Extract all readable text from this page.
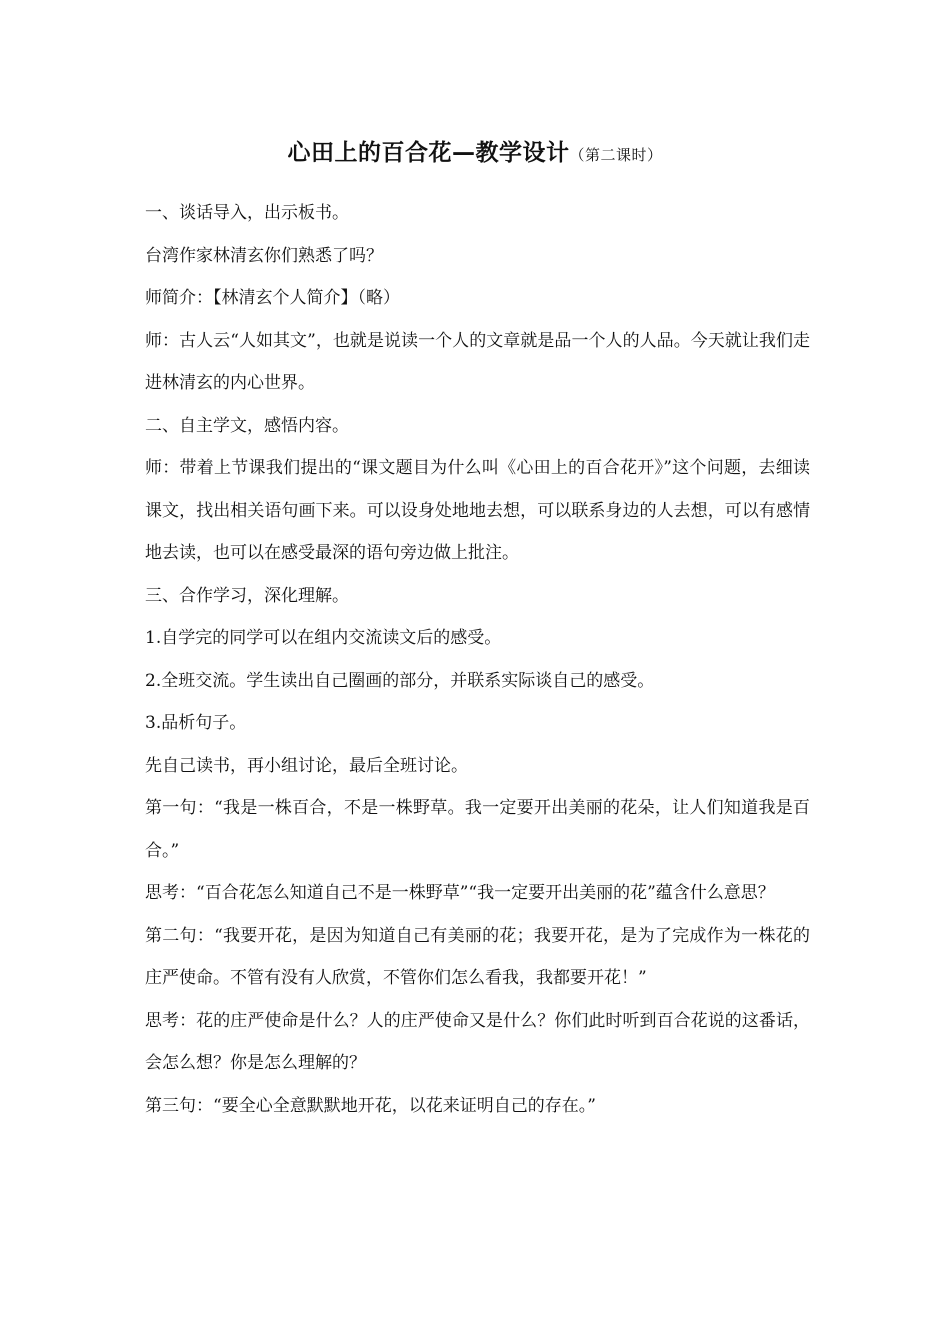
心田上的百合花—教学设计（第二课时）

一、谈话导入，出示板书。

台湾作家林清玄你们熟悉了吗？

师简介：【林清玄个人简介】（略）

师：古人云“人如其文”，也就是说读一个人的文章就是品一个人的人品。今天就让我们走进林清玄的内心世界。

二、自主学文，感悟内容。

师：带着上节课我们提出的“课文题目为什么叫《心田上的百合花开》”这个问题，去细读课文，找出相关语句画下来。可以设身处地地去想，可以联系身边的人去想，可以有感情地去读，也可以在感受最深的语句旁边做上批注。

三、合作学习，深化理解。

1.自学完的同学可以在组内交流读文后的感受。

2.全班交流。学生读出自己圈画的部分，并联系实际谈自己的感受。

3.品析句子。

先自己读书，再小组讨论，最后全班讨论。

第一句：“我是一株百合，不是一株野草。我一定要开出美丽的花朵，让人们知道我是百合。”

思考：“百合花怎么知道自己不是一株野草”“我一定要开出美丽的花”蕴含什么意思？

第二句：“我要开花，是因为知道自己有美丽的花；我要开花，是为了完成作为一株花的庄严使命。不管有没有人欣赏，不管你们怎么看我，我都要开花！”

思考：花的庄严使命是什么？人的庄严使命又是什么？你们此时听到百合花说的这番话，会怎么想？你是怎么理解的？

第三句：“要全心全意默默地开花，以花来证明自己的存在。”
